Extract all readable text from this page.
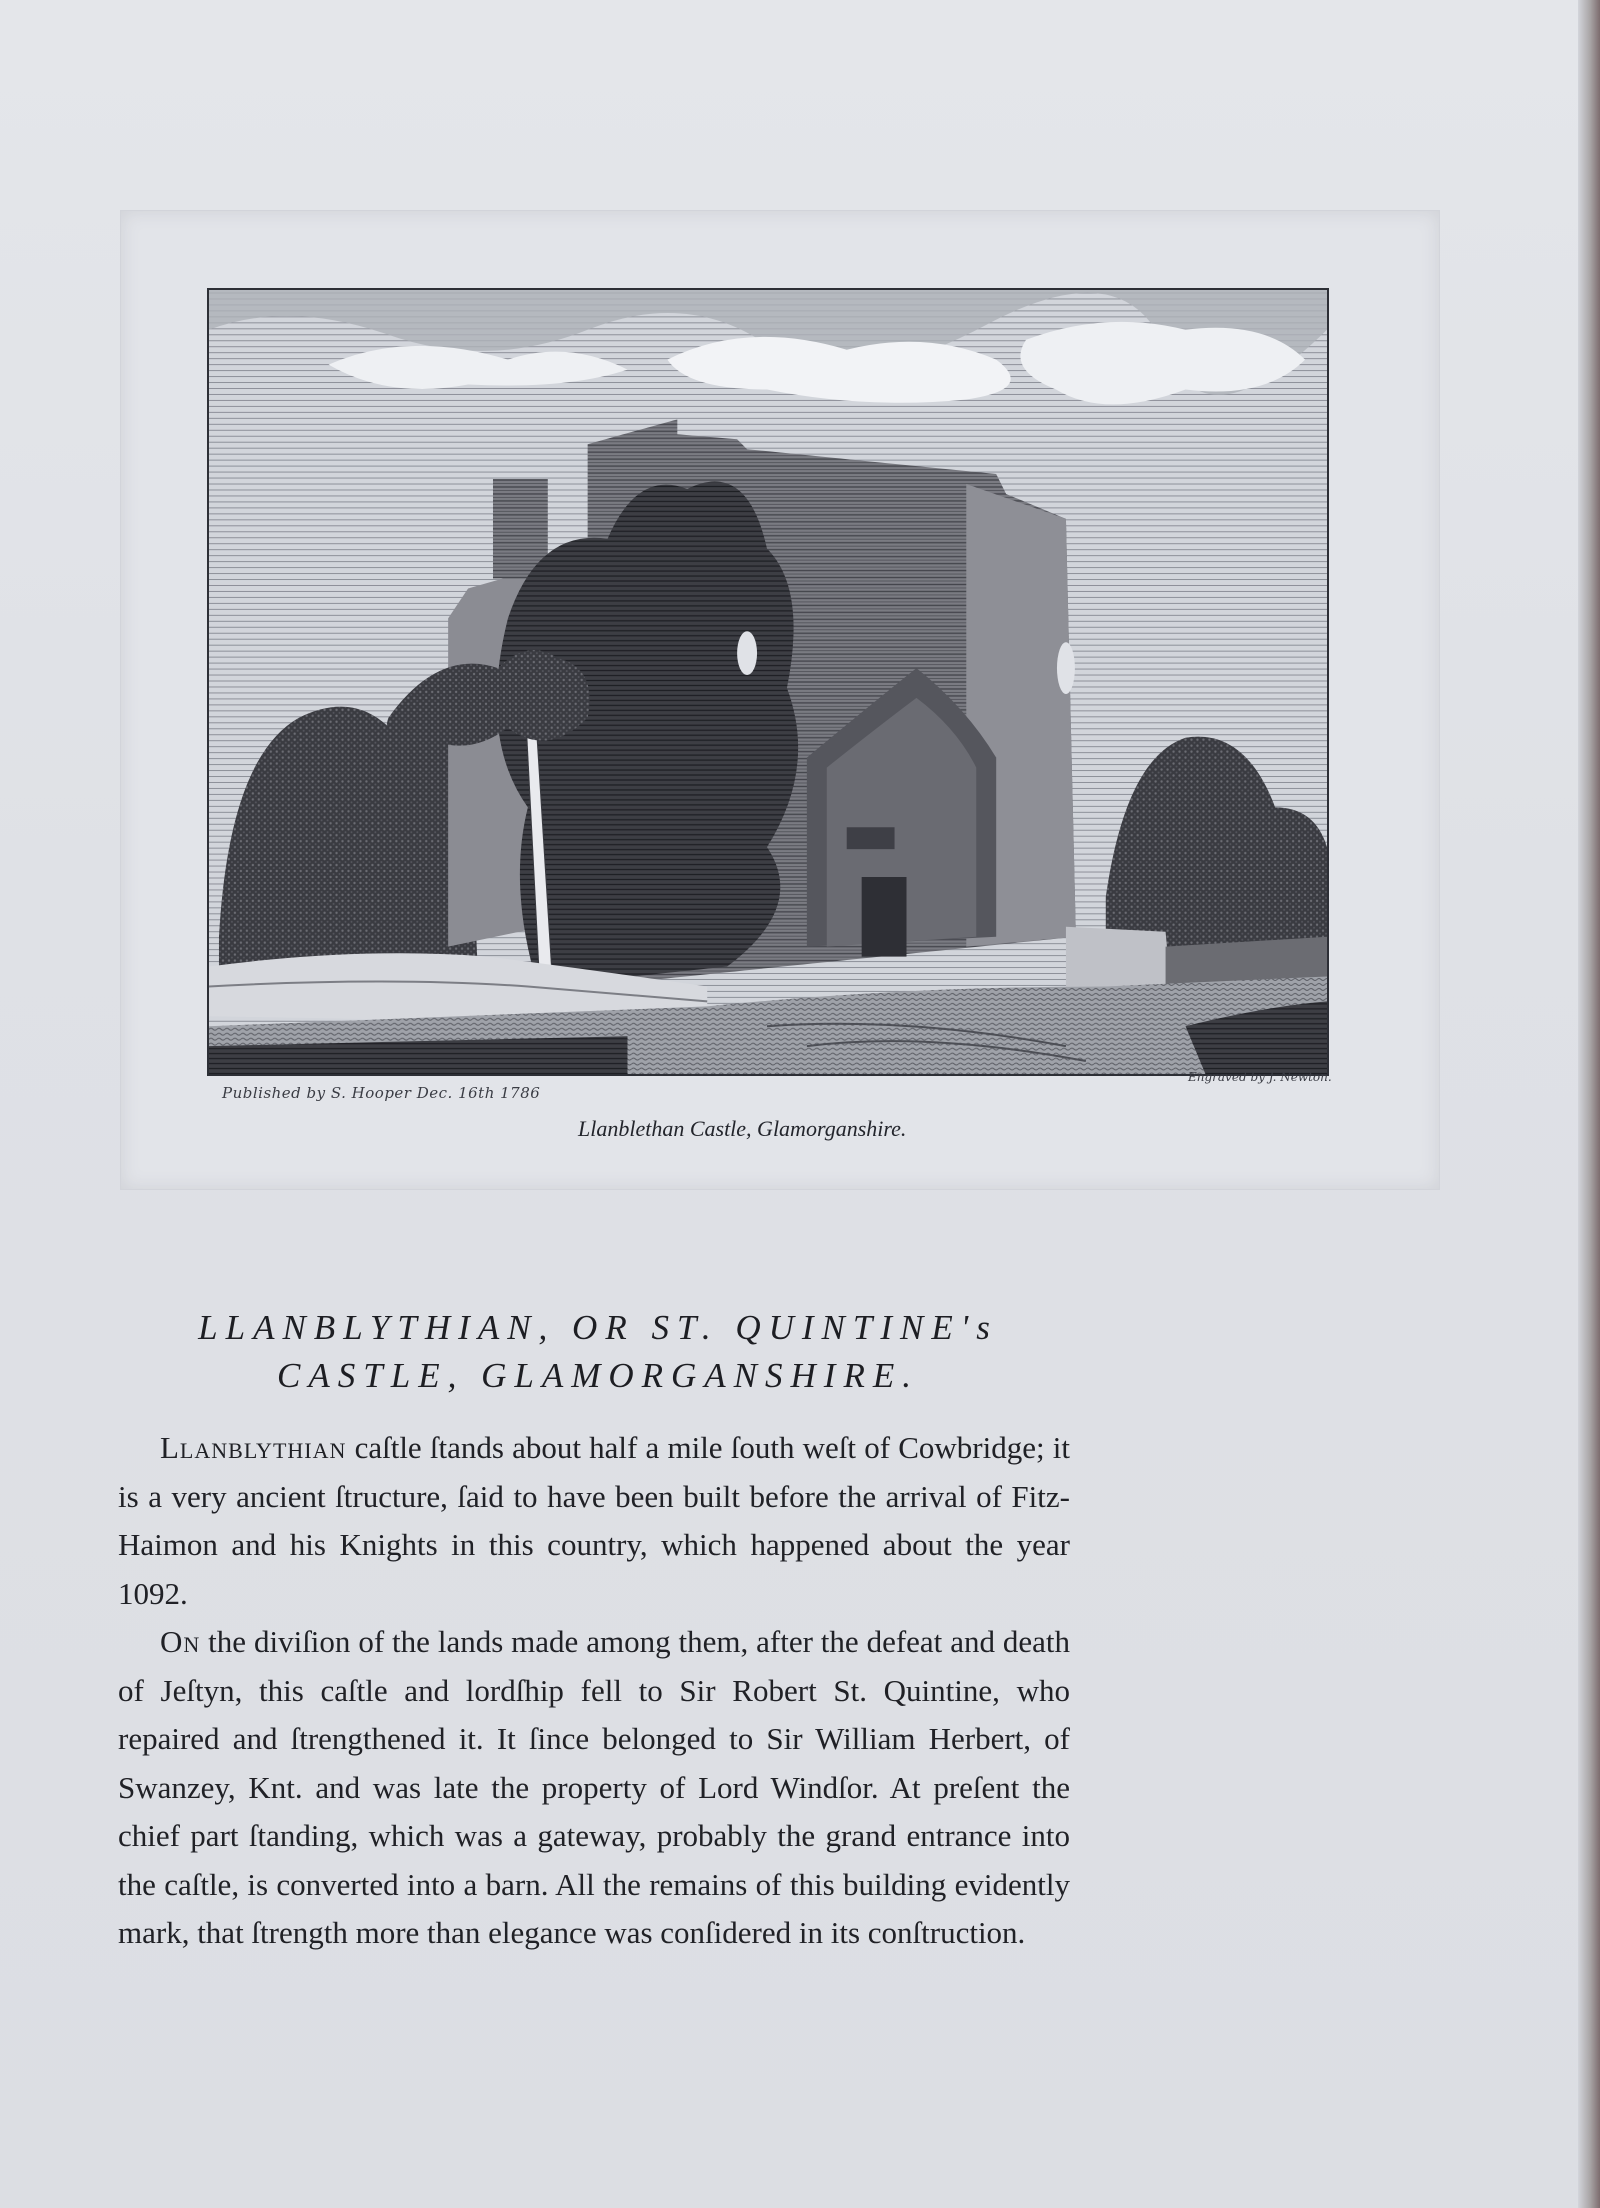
Published by S. Hooper Dec. 16th 1786
Engraved by J. Newton.
Llanblethan Castle, Glamorganshire.
LLANBLYTHIAN, OR ST. QUINTINE's
CASTLE, GLAMORGANSHIRE.

Llanblythian caſtle ſtands about half a mile ſouth weſt of Cowbridge; it is a very ancient ſtructure, ſaid to have been built before the arrival of Fitz-Haimon and his Knights in this country, which happened about the year 1092.

On the diviſion of the lands made among them, after the defeat and death of Jeſtyn, this caſtle and lordſhip fell to Sir Robert St. Quintine, who repaired and ſtrengthened it. It ſince belonged to Sir William Herbert, of Swanzey, Knt. and was late the property of Lord Windſor. At preſent the chief part ſtanding, which was a gateway, probably the grand entrance into the caſtle, is converted into a barn. All the remains of this building evidently mark, that ſtrength more than elegance was conſidered in its conſtruction.
